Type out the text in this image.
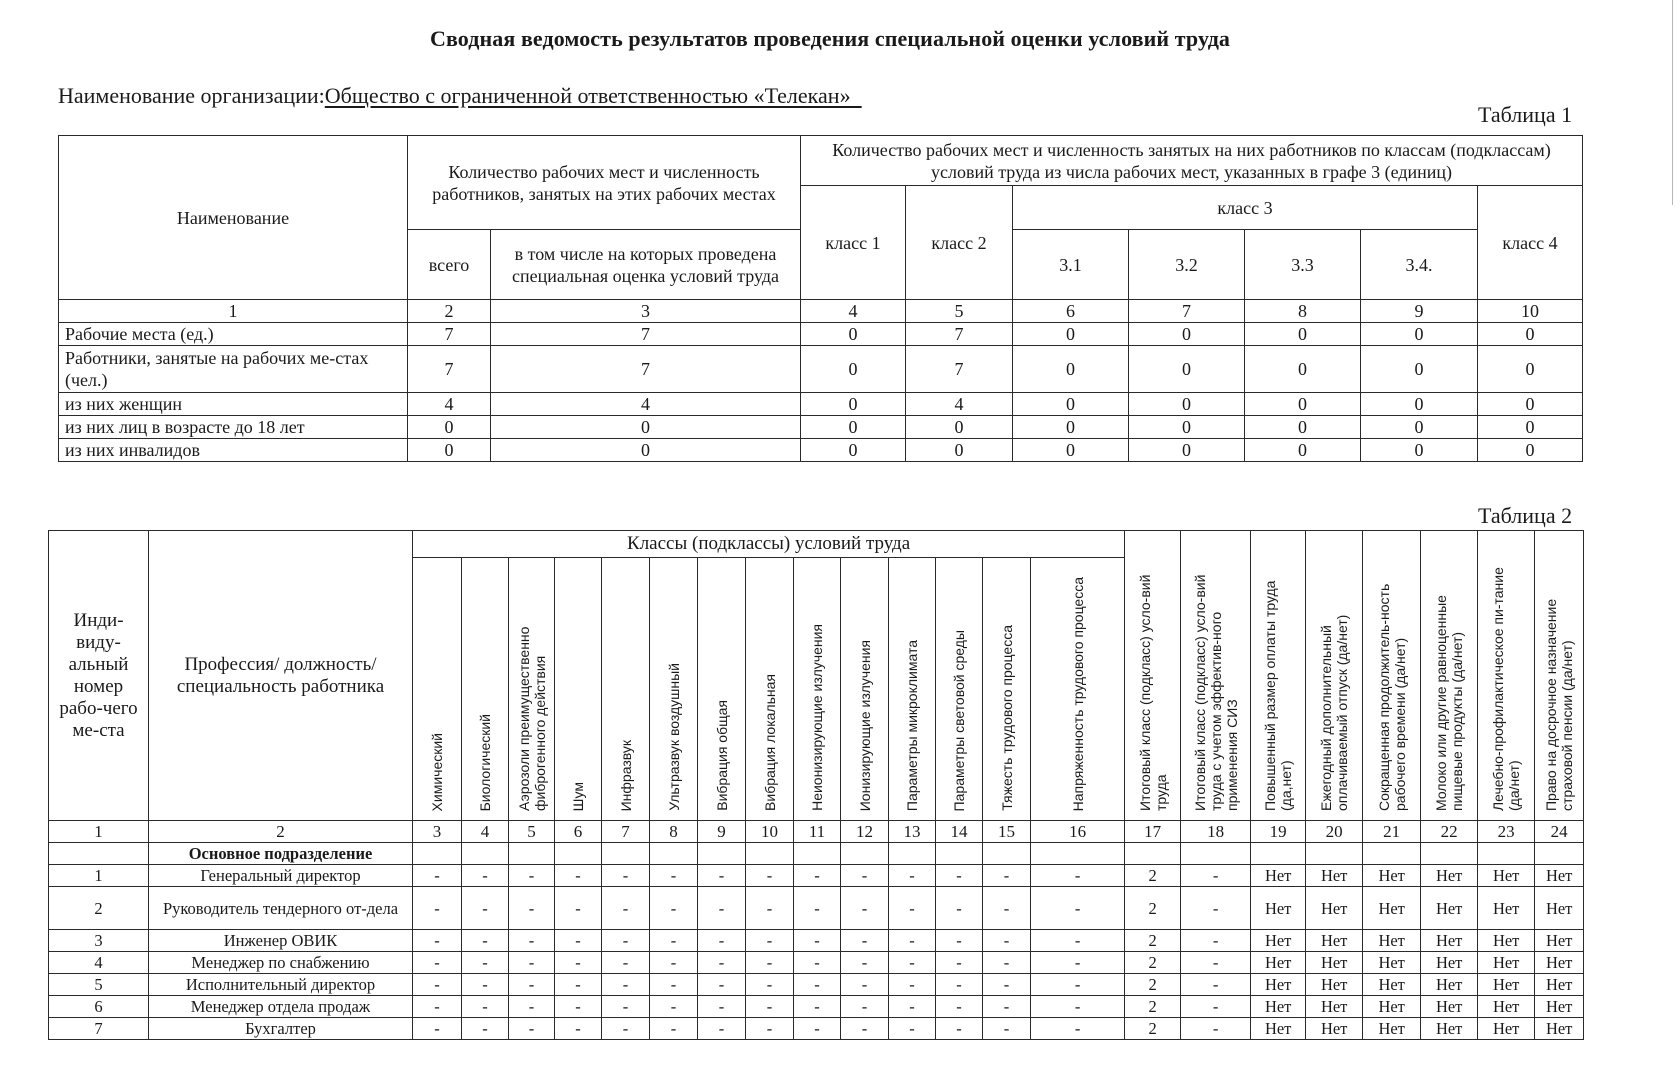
Сводная ведомость результатов проведения специальной оценки условий труда
Наименование организации:Общество с ограниченной ответственностью «Телекан»
Таблица 1
Наименование	Количество рабочих мест и численность работников, занятых на этих рабочих местах		Количество рабочих мест и численность занятых на них работников по классам (подклассам) условий труда из числа рабочих мест, указанных в графе 3 (единиц)						
			класс 1	класс 2	класс 3				класс 4
	всего	в том числе на которых проведена специальная оценка условий труда			3.1	3.2	3.3	3.4.	
1	2	3	4	5	6	7	8	9	10
Рабочие места (ед.)	7	7	0	7	0	0	0	0	0
Работники, занятые на рабочих ме-стах (чел.)	7	7	0	7	0	0	0	0	0
из них женщин	4	4	0	4	0	0	0	0	0
из них лиц в возрасте до 18 лет	0	0	0	0	0	0	0	0	0
из них инвалидов	0	0	0	0	0	0	0	0	0
Таблица 2
Инди-виду-альный номер рабо-чего ме-ста	Профессия/ должность/ специальность работника	Классы (подклассы) условий труда														Итоговый класс (подкласс) усло-вий труда	Итоговый класс (подкласс) усло-вий труда с учетом эффектив-ного применения СИЗ	Повышенный размер оплаты труда (да,нет)	Ежегодный дополнительный оплачиваемый отпуск (да/нет)	Сокращенная продолжитель-ность рабочего времени (да/нет)	Молоко или другие равноценные пищевые продукты (да/нет)	Лечебно-профилактическое пи-тание (да/нет)	Право на досрочное назначение страховой пенсии (да/нет)
		Химический	Биологический	Аэрозоли преимущественно фиброгенного действия	Шум	Инфразвук	Ультразвук воздушный	Вибрация общая	Вибрация локальная	Неионизирующие излучения	Ионизирующие излучения	Параметры микроклимата	Параметры световой среды	Тяжесть трудового процесса	Напряженность трудового процесса								
1	2	3	4	5	6	7	8	9	10	11	12	13	14	15	16	17	18	19	20	21	22	23	24
	Основное подразделение																						
1	Генеральный директор	-	-	-	-	-	-	-	-	-	-	-	-	-	-	2	-	Нет	Нет	Нет	Нет	Нет	Нет
2	Руководитель тендерного от-дела	-	-	-	-	-	-	-	-	-	-	-	-	-	-	2	-	Нет	Нет	Нет	Нет	Нет	Нет
3	Инженер ОВИК	-	-	-	-	-	-	-	-	-	-	-	-	-	-	2	-	Нет	Нет	Нет	Нет	Нет	Нет
4	Менеджер по снабжению	-	-	-	-	-	-	-	-	-	-	-	-	-	-	2	-	Нет	Нет	Нет	Нет	Нет	Нет
5	Исполнительный директор	-	-	-	-	-	-	-	-	-	-	-	-	-	-	2	-	Нет	Нет	Нет	Нет	Нет	Нет
6	Менеджер отдела продаж	-	-	-	-	-	-	-	-	-	-	-	-	-	-	2	-	Нет	Нет	Нет	Нет	Нет	Нет
7	Бухгалтер	-	-	-	-	-	-	-	-	-	-	-	-	-	-	2	-	Нет	Нет	Нет	Нет	Нет	Нет
